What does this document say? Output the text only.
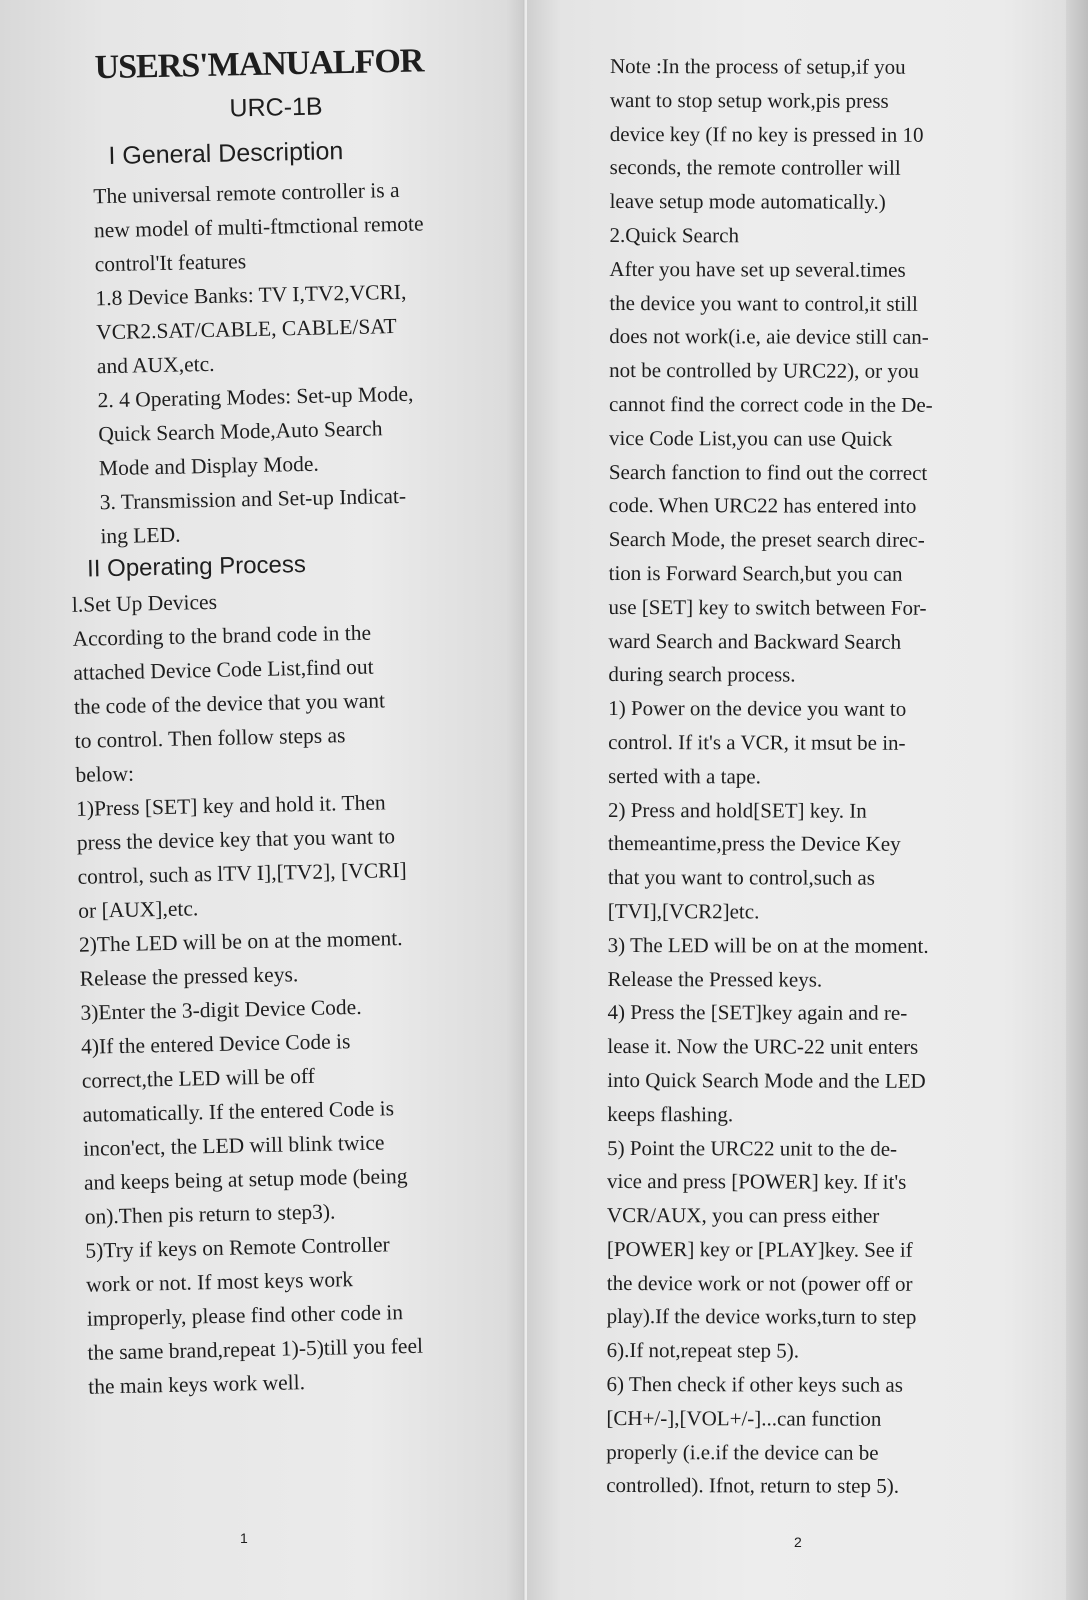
USERS'MANUALFOR
URC-1B
I General Description

The universal remote controller is a

new model of multi-ftmctional remote

control'It features

1.8 Device Banks: TV I,TV2,VCRI,

VCR2.SAT/CABLE, CABLE/SAT

and AUX,etc.

2. 4 Operating Modes: Set-up Mode,

Quick Search Mode,Auto Search

Mode and Display Mode.

3. Transmission and Set-up Indicat-

ing LED.

II Operating Process

l.Set Up Devices

According to the brand code in the

attached Device Code List,find out

the code of the device that you want

to control. Then follow steps as

below:

1)Press [SET] key and hold it. Then

press the device key that you want to

control, such as lTV I],[TV2], [VCRI]

or [AUX],etc.

2)The LED will be on at the moment.

Release the pressed keys.

3)Enter the 3-digit Device Code.

4)If the entered Device Code is

correct,the LED will be off

automatically. If the entered Code is

incon'ect, the LED will blink twice

and keeps being at setup mode (being

on).Then pis return to step3).

5)Try if keys on Remote Controller

work or not. If most keys work

improperly, please find other code in

the same brand,repeat 1)-5)till you feel

the main keys work well.

1

Note :In the process of setup,if you

want to stop setup work,pis press

device key (If no key is pressed in 10

seconds, the remote controller will

leave setup mode automatically.)

2.Quick Search

After you have set up several.times

the device you want to control,it still

does not work(i.e, aie device still can-

not be controlled by URC22), or you

cannot find the correct code in the De-

vice Code List,you can use Quick

Search fanction to find out the correct

code. When URC22 has entered into

Search Mode, the preset search direc-

tion is Forward Search,but you can

use [SET] key to switch between For-

ward Search and Backward Search

during search process.

1) Power on the device you want to

control. If it's a VCR, it msut be in-

serted with a tape.

2) Press and hold[SET] key. In

themeantime,press the Device Key

that you want to control,such as

[TVI],[VCR2]etc.

3) The LED will be on at the moment.

Release the Pressed keys.

4) Press the [SET]key again and re-

lease it. Now the URC-22 unit enters

into Quick Search Mode and the LED

keeps flashing.

5) Point the URC22 unit to the de-

vice and press [POWER] key. If it's

VCR/AUX, you can press either

[POWER] key or [PLAY]key. See if

the device work or not (power off or

play).If the device works,turn to step

6).If not,repeat step 5).

6) Then check if other keys such as

[CH+/-],[VOL+/-]...can function

properly (i.e.if the device can be

controlled). Ifnot, return to step 5).

2
